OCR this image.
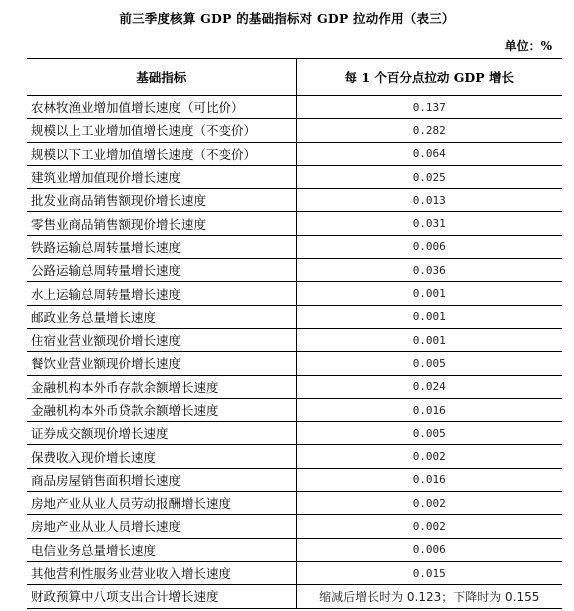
前三季度核算 GDP 的基础指标对 GDP 拉动作用（表三）
单位：%
基础指标	每 1 个百分点拉动 GDP 增长
农林牧渔业增加值增长速度（可比价）	0.137
规模以上工业增加值增长速度（不变价）	0.282
规模以下工业增加值增长速度（不变价）	0.064
建筑业增加值现价增长速度	0.025
批发业商品销售额现价增长速度	0.013
零售业商品销售额现价增长速度	0.031
铁路运输总周转量增长速度	0.006
公路运输总周转量增长速度	0.036
水上运输总周转量增长速度	0.001
邮政业务总量增长速度	0.001
住宿业营业额现价增长速度	0.001
餐饮业营业额现价增长速度	0.005
金融机构本外币存款余额增长速度	0.024
金融机构本外币贷款余额增长速度	0.016
证券成交额现价增长速度	0.005
保费收入现价增长速度	0.002
商品房屋销售面积增长速度	0.016
房地产业从业人员劳动报酬增长速度	0.002
房地产业从业人员增长速度	0.002
电信业务总量增长速度	0.006
其他营利性服务业营业收入增长速度	0.015
财政预算中八项支出合计增长速度	缩减后增长时为 0.123；下降时为 0.155
